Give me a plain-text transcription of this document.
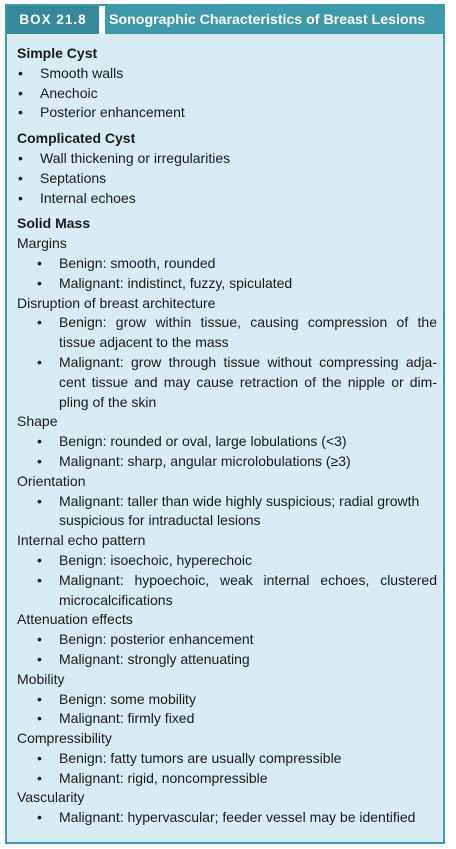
BOX 21.8	Sonographic Characteristics of Breast Lesions
Simple Cyst
•	Smooth walls
•	Anechoic
•	Posterior enhancement
Complicated Cyst
•	Wall thickening or irregularities
•	Septations
•	Internal echoes
Solid Mass
Margins
•	Benign: smooth, rounded
•	Malignant: indistinct, fuzzy, spiculated
Disruption of breast architecture
•	Benign: grow within tissue, causing compression of the tissue adjacent to the mass
•	Malignant: grow through tissue without compressing adja-cent tissue and may cause retraction of the nipple or dim-pling of the skin
Shape
•	Benign: rounded or oval, large lobulations (<3)
•	Malignant: sharp, angular microlobulations (≥3)
Orientation
•	Malignant: taller than wide highly suspicious; radial growth suspicious for intraductal lesions
Internal echo pattern
•	Benign: isoechoic, hyperechoic
•	Malignant: hypoechoic, weak internal echoes, clustered microcalcifications
Attenuation effects
•	Benign: posterior enhancement
•	Malignant: strongly attenuating
Mobility
•	Benign: some mobility
•	Malignant: firmly fixed
Compressibility
•	Benign: fatty tumors are usually compressible
•	Malignant: rigid, noncompressible
Vascularity
•	Malignant: hypervascular; feeder vessel may be identified
